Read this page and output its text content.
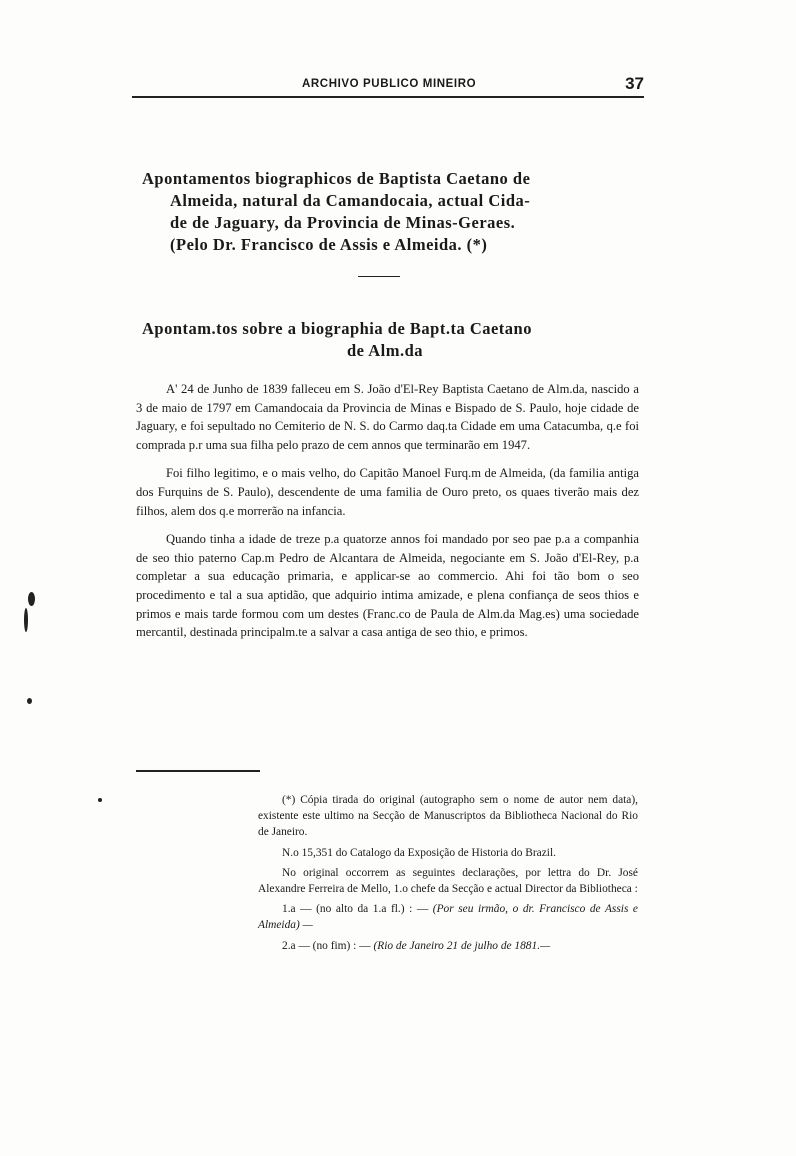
ARCHIVO PUBLICO MINEIRO	37
Apontamentos biographicos de Baptista Caetano de
Almeida, natural da Camandocaia, actual Cida-
de de Jaguary, da Provincia de Minas-Geraes.
(Pelo Dr. Francisco de Assis e Almeida. (*)
Apontam.tos sobre a biographia de Bapt.ta Caetano
de Alm.da

A' 24 de Junho de 1839 falleceu em S. João d'El-Rey Baptista Caetano de Alm.da, nascido a 3 de maio de 1797 em Camandocaia da Provincia de Minas e Bispado de S. Paulo, hoje cidade de Jaguary, e foi sepultado no Cemiterio de N. S. do Carmo daq.ta Cidade em uma Catacumba, q.e foi comprada p.r uma sua filha pelo prazo de cem annos que terminarão em 1947.

Foi filho legitimo, e o mais velho, do Capitão Manoel Furq.m de Almeida, (da familia antiga dos Furquins de S. Paulo), descendente de uma familia de Ouro preto, os quaes tiverão mais dez filhos, alem dos q.e morrerão na infancia.

Quando tinha a idade de treze p.a quatorze annos foi mandado por seo pae p.a a companhia de seo thio paterno Cap.m Pedro de Alcantara de Almeida, negociante em S. João d'El-Rey, p.a completar a sua educação primaria, e applicar-se ao commercio. Ahi foi tão bom o seo procedimento e tal a sua aptidão, que adquirio intima amizade, e plena confiança de seos thios e primos e mais tarde formou com um destes (Franc.co de Paula de Alm.da Mag.es) uma sociedade mercantil, destinada principalm.te a salvar a casa antiga de seo thio, e primos.

(*) Cópia tirada do original (autographo sem o nome de autor nem data), existente este ultimo na Secção de Manuscriptos da Bibliotheca Nacional do Rio de Janeiro.

N.o 15,351 do Catalogo da Exposição de Historia do Brazil.

No original occorrem as seguintes declarações, por lettra do Dr. José Alexandre Ferreira de Mello, 1.o chefe da Secção e actual Director da Bibliotheca :

1.a — (no alto da 1.a fl.) : — (Por seu irmão, o dr. Francisco de Assis e Almeida) —

2.a — (no fim) : — (Rio de Janeiro 21 de julho de 1881.—
